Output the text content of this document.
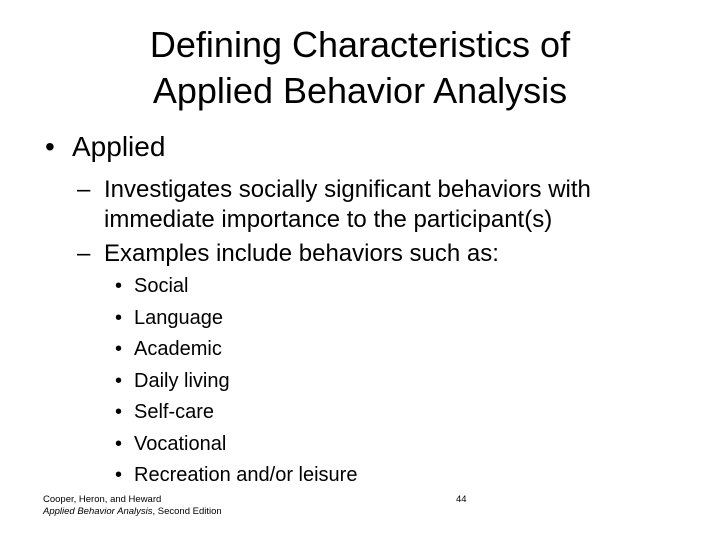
Defining Characteristics of
Applied Behavior Analysis
• Applied
– Investigates socially significant behaviors with
immediate importance to the participant(s)
– Examples include behaviors such as:
• Social
• Language
• Academic
• Daily living
• Self-care
• Vocational
• Recreation and/or leisure
Cooper, Heron, and Heward
Applied Behavior Analysis, Second Edition
44
